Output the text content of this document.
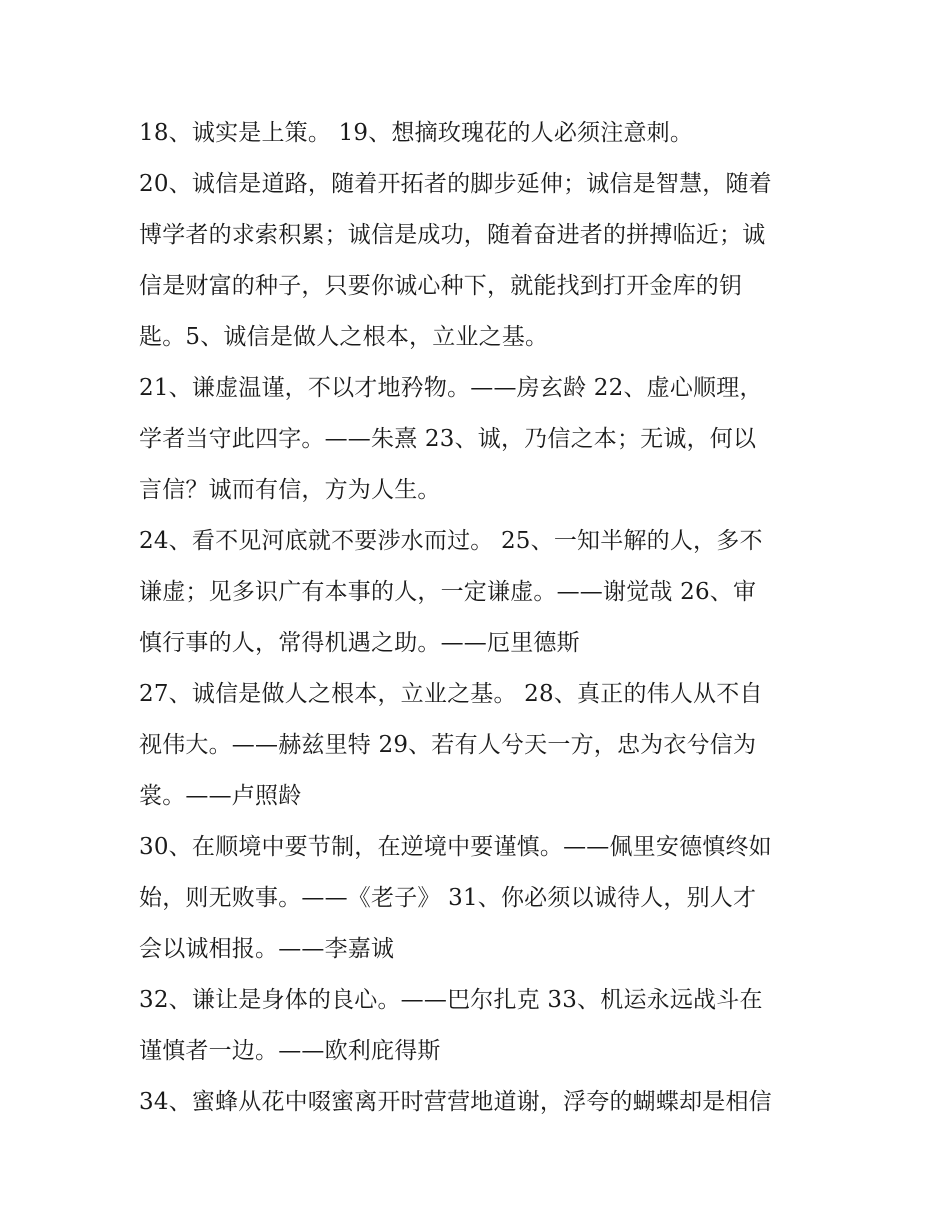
18、诚实是上策。 19、想摘玫瑰花的人必须注意刺。
20、诚信是道路，随着开拓者的脚步延伸；诚信是智慧，随着
博学者的求索积累；诚信是成功，随着奋进者的拼搏临近；诚
信是财富的种子，只要你诚心种下，就能找到打开金库的钥
匙。5、诚信是做人之根本，立业之基。
21、谦虚温谨，不以才地矜物。——房玄龄 22、虚心顺理，
学者当守此四字。——朱熹 23、诚，乃信之本；无诚，何以
言信？诚而有信，方为人生。
24、看不见河底就不要涉水而过。 25、一知半解的人，多不
谦虚；见多识广有本事的人，一定谦虚。——谢觉哉 26、审
慎行事的人，常得机遇之助。——厄里德斯
27、诚信是做人之根本，立业之基。 28、真正的伟人从不自
视伟大。——赫兹里特 29、若有人兮天一方，忠为衣兮信为
裳。——卢照龄
30、在顺境中要节制，在逆境中要谨慎。——佩里安德慎终如
始，则无败事。——《老子》 31、你必须以诚待人，别人才
会以诚相报。——李嘉诚
32、谦让是身体的良心。——巴尔扎克 33、机运永远战斗在
谨慎者一边。——欧利庇得斯
34、蜜蜂从花中啜蜜离开时营营地道谢，浮夸的蝴蝶却是相信
